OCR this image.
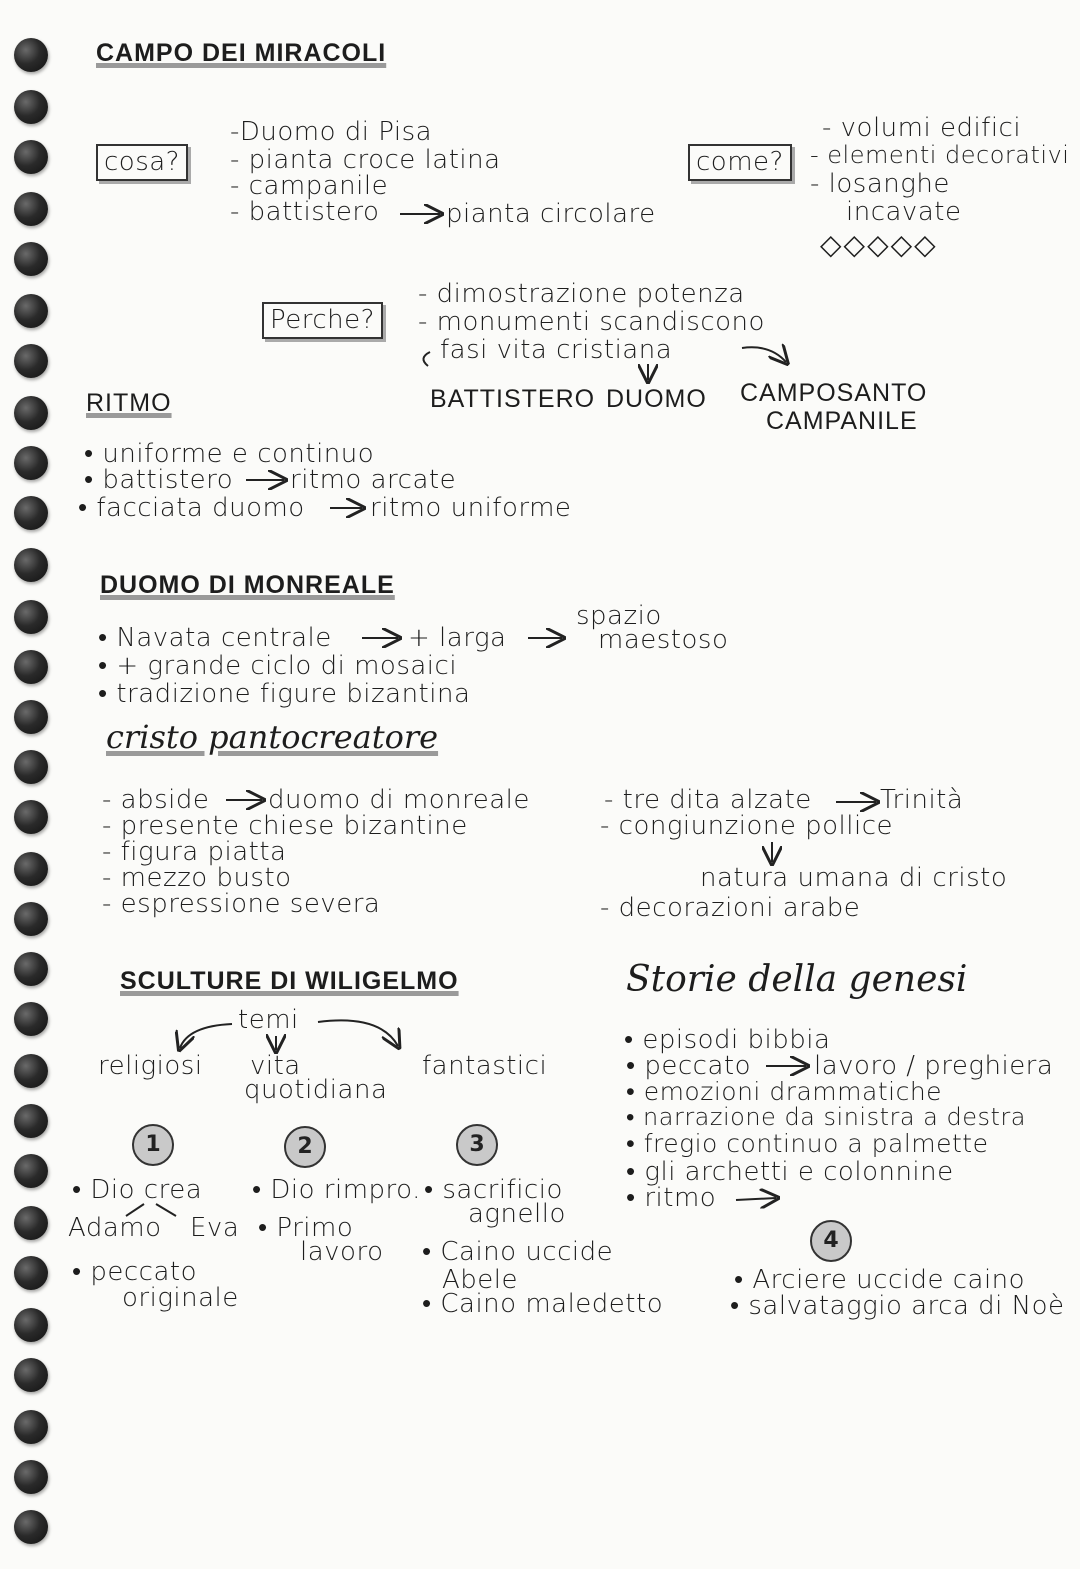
CAMPO DEI MIRACOLI
cosa?
-Duomo di Pisa
- pianta croce latina
- campanile
- battistero	pianta circolare
come?
- volumi edifici
- elementi decorativi
- losanghe
incavate
◇◇◇◇◇
Perche?
- dimostrazione potenza
- monumenti scandiscono
fasi vita cristiana
BATTISTERO DUOMO CAMPOSANTO
CAMPANILE
RITMO
• uniforme e continuo
• battistero ritmo arcate
• facciata duomo	ritmo uniforme
DUOMO DI MONREALE
• Navata centrale	+ larga
spazio
maestoso
• + grande ciclo di mosaici
• tradizione figure bizantina
cristo pantocreatore
- abside duomo di monreale
- presente chiese bizantine
- figura piatta
- mezzo busto
- espressione severa
- tre dita alzate	Trinità
- congiunzione pollice
natura umana di cristo
- decorazioni arabe
SCULTURE DI WILIGELMO
temi
religiosi vita
quotidiana
fantastici
1	2	3
• Dio crea
Adamo Eva
• peccato
originale
• Dio rimpro.
• Primo
lavoro
• sacrificio
agnello
• Caino uccide
Abele
• Caino maledetto
Storie della genesi
• episodi bibbia
• peccato lavoro / preghiera
• emozioni drammatiche
• narrazione da sinistra a destra
• fregio continuo a palmette
• gli archetti e colonnine
• ritmo
4
• Arciere uccide caino
• salvataggio arca di Noè
